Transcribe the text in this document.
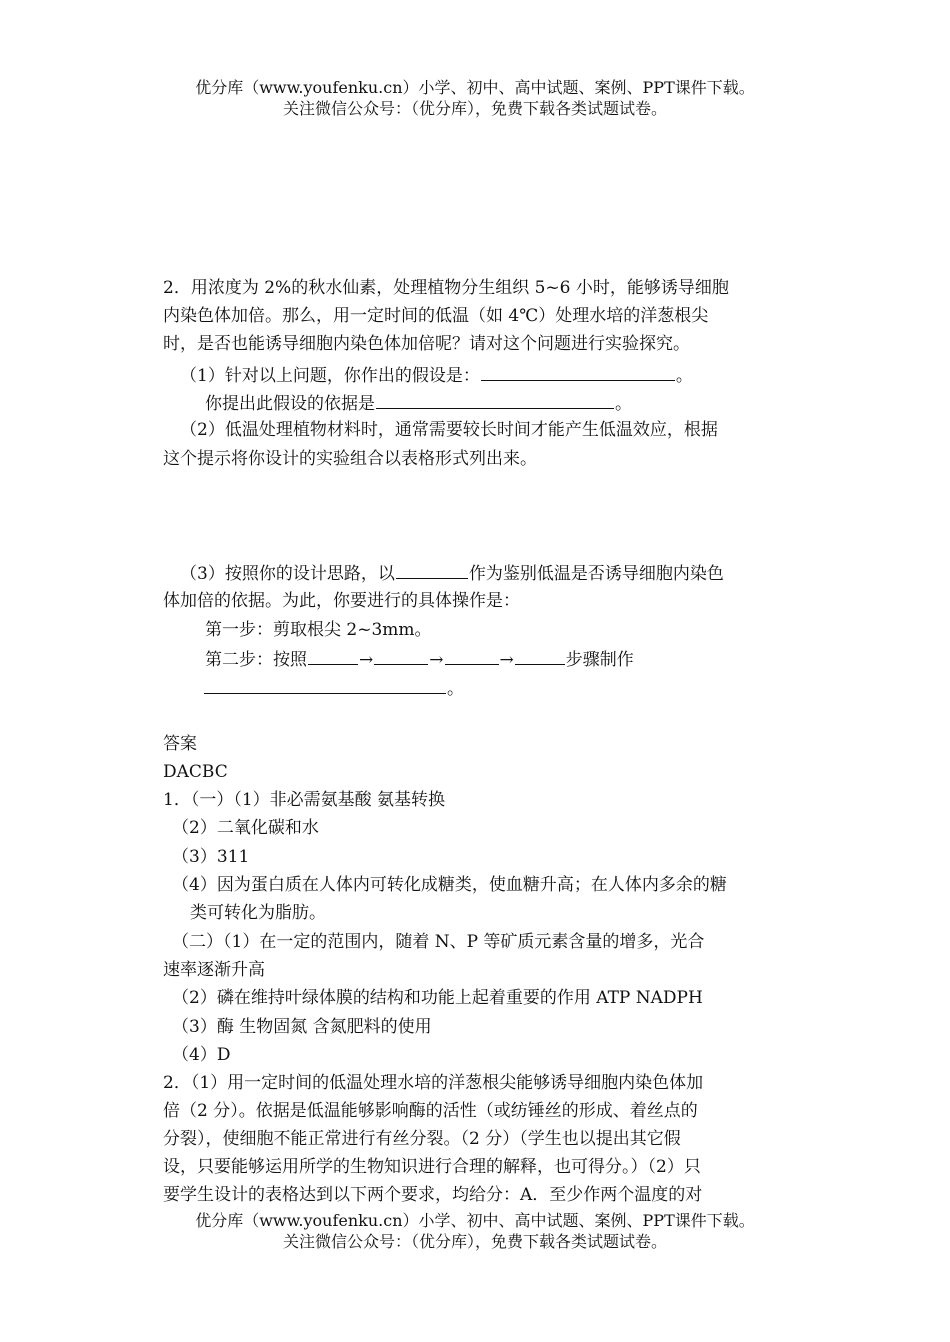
优分库（www.youfenku.cn）小学、初中、高中试题、案例、PPT课件下载。
关注微信公众号：（优分库），免费下载各类试题试卷。
2．用浓度为 2%的秋水仙素，处理植物分生组织 5~6 小时，能够诱导细胞
内染色体加倍。那么，用一定时间的低温（如 4℃）处理水培的洋葱根尖
时，是否也能诱导细胞内染色体加倍呢？请对这个问题进行实验探究。
（1）针对以上问题，你作出的假设是：	。
你提出此假设的依据是	。
（2）低温处理植物材料时，通常需要较长时间才能产生低温效应，根据
这个提示将你设计的实验组合以表格形式列出来。
（3）按照你的设计思路，以	作为鉴别低温是否诱导细胞内染色
体加倍的依据。为此，你要进行的具体操作是：
第一步：剪取根尖 2~3mm。
第二步：按照	→	→	→	步骤制作
。
答案
DACBC
1．（一）（1）非必需氨基酸 氨基转换
（2）二氧化碳和水
（3）311
（4）因为蛋白质在人体内可转化成糖类，使血糖升高；在人体内多余的糖
类可转化为脂肪。
（二）（1）在一定的范围内，随着 N、P 等矿质元素含量的增多，光合
速率逐渐升高
（2）磷在维持叶绿体膜的结构和功能上起着重要的作用 ATP NADPH
（3）酶 生物固氮 含氮肥料的使用
（4）D
2．（1）用一定时间的低温处理水培的洋葱根尖能够诱导细胞内染色体加
倍（2 分）。依据是低温能够影响酶的活性（或纺锤丝的形成、着丝点的
分裂），使细胞不能正常进行有丝分裂。（2 分）（学生也以提出其它假
设，只要能够运用所学的生物知识进行合理的解释，也可得分。）（2）只
要学生设计的表格达到以下两个要求，均给分：A．至少作两个温度的对
优分库（www.youfenku.cn）小学、初中、高中试题、案例、PPT课件下载。
关注微信公众号：（优分库），免费下载各类试题试卷。
